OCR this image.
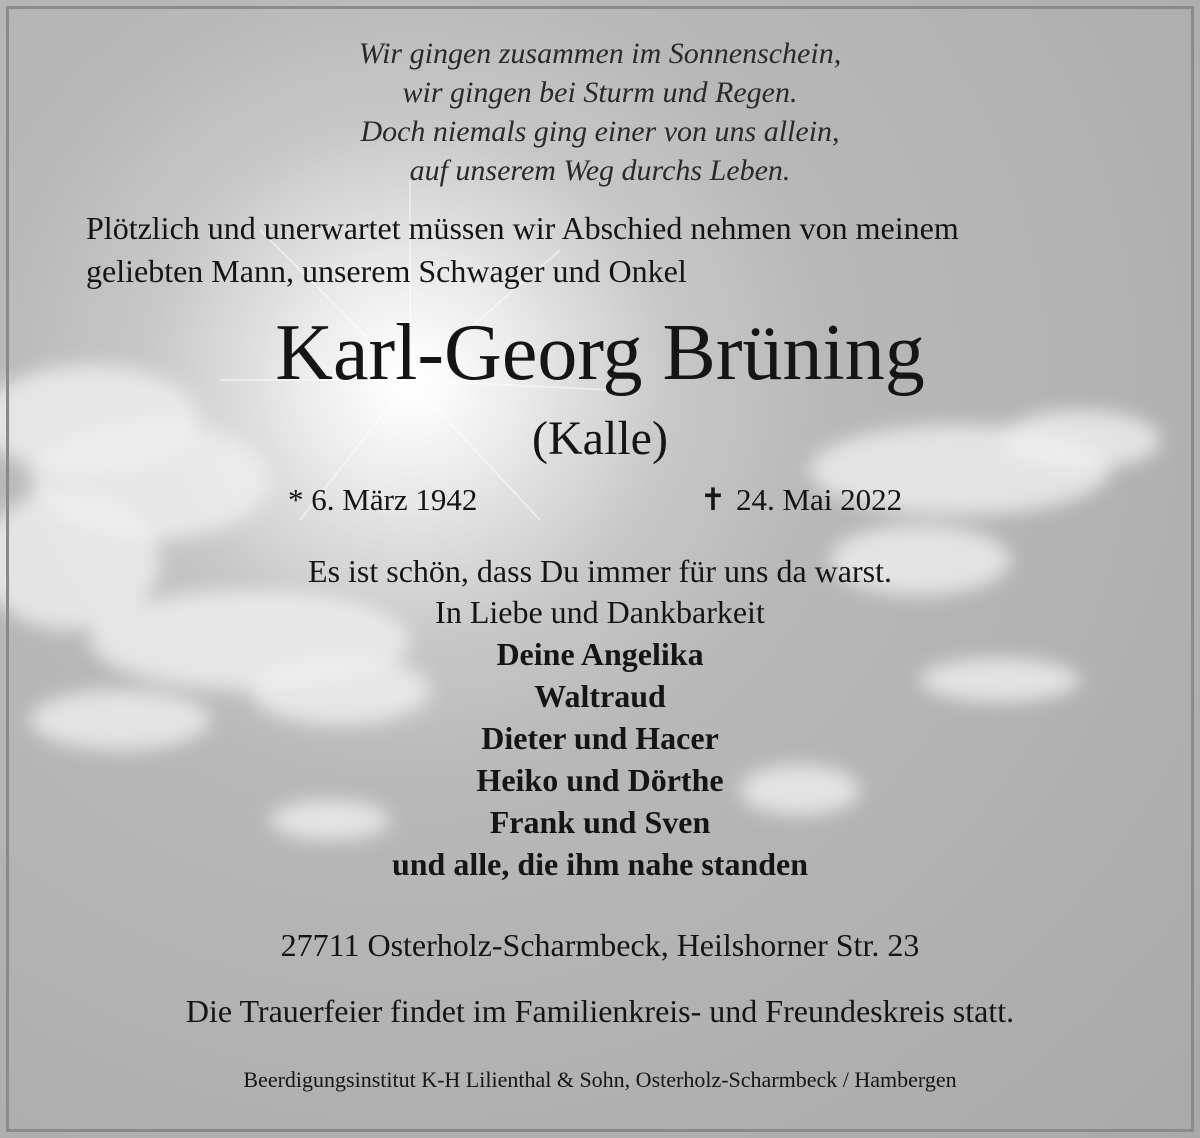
Wir gingen zusammen im Sonnenschein,
wir gingen bei Sturm und Regen.
Doch niemals ging einer von uns allein,
auf unserem Weg durchs Leben.
Plötzlich und unerwartet müssen wir Abschied nehmen von meinem
geliebten Mann, unserem Schwager und Onkel
Karl-Georg Brüning
(Kalle)
* 6. März 1942	✝ 24. Mai 2022
Es ist schön, dass Du immer für uns da warst.
In Liebe und Dankbarkeit
Deine Angelika
Waltraud
Dieter und Hacer
Heiko und Dörthe
Frank und Sven
und alle, die ihm nahe standen
27711 Osterholz-Scharmbeck, Heilshorner Str. 23
Die Trauerfeier findet im Familienkreis- und Freundeskreis statt.
Beerdigungsinstitut K-H Lilienthal & Sohn, Osterholz-Scharmbeck / Hambergen
